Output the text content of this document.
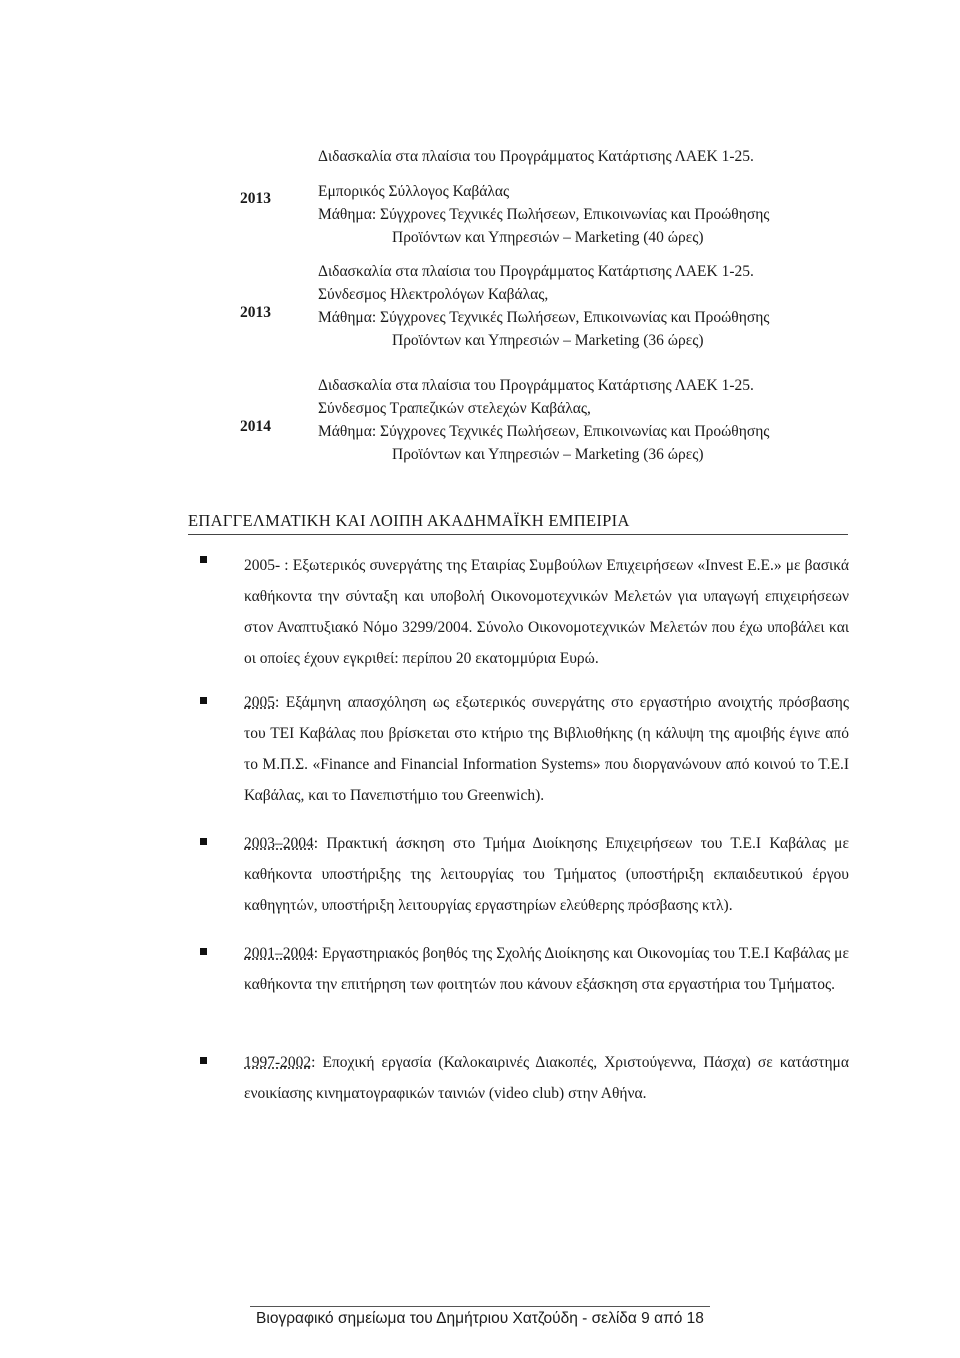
Διδασκαλία στα πλαίσια του Προγράμματος Κατάρτισης ΛΑΕΚ 1-25.
2013	Εμπορικός Σύλλογος Καβάλας
Μάθημα: Σύγχρονες Τεχνικές Πωλήσεων, Επικοινωνίας και Προώθησης
Προϊόντων και Υπηρεσιών – Marketing (40 ώρες)
2013
Διδασκαλία στα πλαίσια του Προγράμματος Κατάρτισης ΛΑΕΚ 1-25.
Σύνδεσμος Ηλεκτρολόγων Καβάλας,
Μάθημα: Σύγχρονες Τεχνικές Πωλήσεων, Επικοινωνίας και Προώθησης
Προϊόντων και Υπηρεσιών – Marketing (36 ώρες)
2014
Διδασκαλία στα πλαίσια του Προγράμματος Κατάρτισης ΛΑΕΚ 1-25.
Σύνδεσμος Τραπεζικών στελεχών Καβάλας,
Μάθημα: Σύγχρονες Τεχνικές Πωλήσεων, Επικοινωνίας και Προώθησης
Προϊόντων και Υπηρεσιών – Marketing (36 ώρες)
ΕΠΑΓΓΕΛΜΑΤΙΚΗ ΚΑΙ ΛΟΙΠΗ ΑΚΑΔΗΜΑΪΚΗ ΕΜΠΕΙΡΙΑ
2005- : Εξωτερικός συνεργάτης της Εταιρίας Συμβούλων Επιχειρήσεων «Invest Ε.Ε.» με βασικά καθήκοντα την σύνταξη και υποβολή Οικονομοτεχνικών Μελετών για υπαγωγή επιχειρήσεων στον Αναπτυξιακό Νόμο 3299/2004. Σύνολο Οικονομοτεχνικών Μελετών που έχω υποβάλει και οι οποίες έχουν εγκριθεί: περίπου 20 εκατομμύρια Ευρώ.
2005: Εξάμηνη απασχόληση ως εξωτερικός συνεργάτης στο εργαστήριο ανοιχτής πρόσβασης του ΤΕΙ Καβάλας που βρίσκεται στο κτήριο της Βιβλιοθήκης (η κάλυψη της αμοιβής έγινε από το Μ.Π.Σ. «Finance and Financial Information Systems» που διοργανώνουν από κοινού το Τ.Ε.Ι Καβάλας, και το Πανεπιστήμιο του Greenwich).
2003–2004: Πρακτική άσκηση στο Τμήμα Διοίκησης Επιχειρήσεων του Τ.Ε.Ι Καβάλας με καθήκοντα υποστήριξης της λειτουργίας του Τμήματος (υποστήριξη εκπαιδευτικού έργου καθηγητών, υποστήριξη λειτουργίας εργαστηρίων ελεύθερης πρόσβασης κτλ).
2001–2004: Εργαστηριακός βοηθός της Σχολής Διοίκησης και Οικονομίας του Τ.Ε.Ι Καβάλας με καθήκοντα την επιτήρηση των φοιτητών που κάνουν εξάσκηση στα εργαστήρια του Τμήματος.
1997-2002: Εποχική εργασία (Καλοκαιρινές Διακοπές, Χριστούγεννα, Πάσχα) σε κατάστημα ενοικίασης κινηματογραφικών ταινιών (video club) στην Αθήνα.
Βιογραφικό σημείωμα του Δημήτριου Χατζούδη - σελίδα 9 από 18
